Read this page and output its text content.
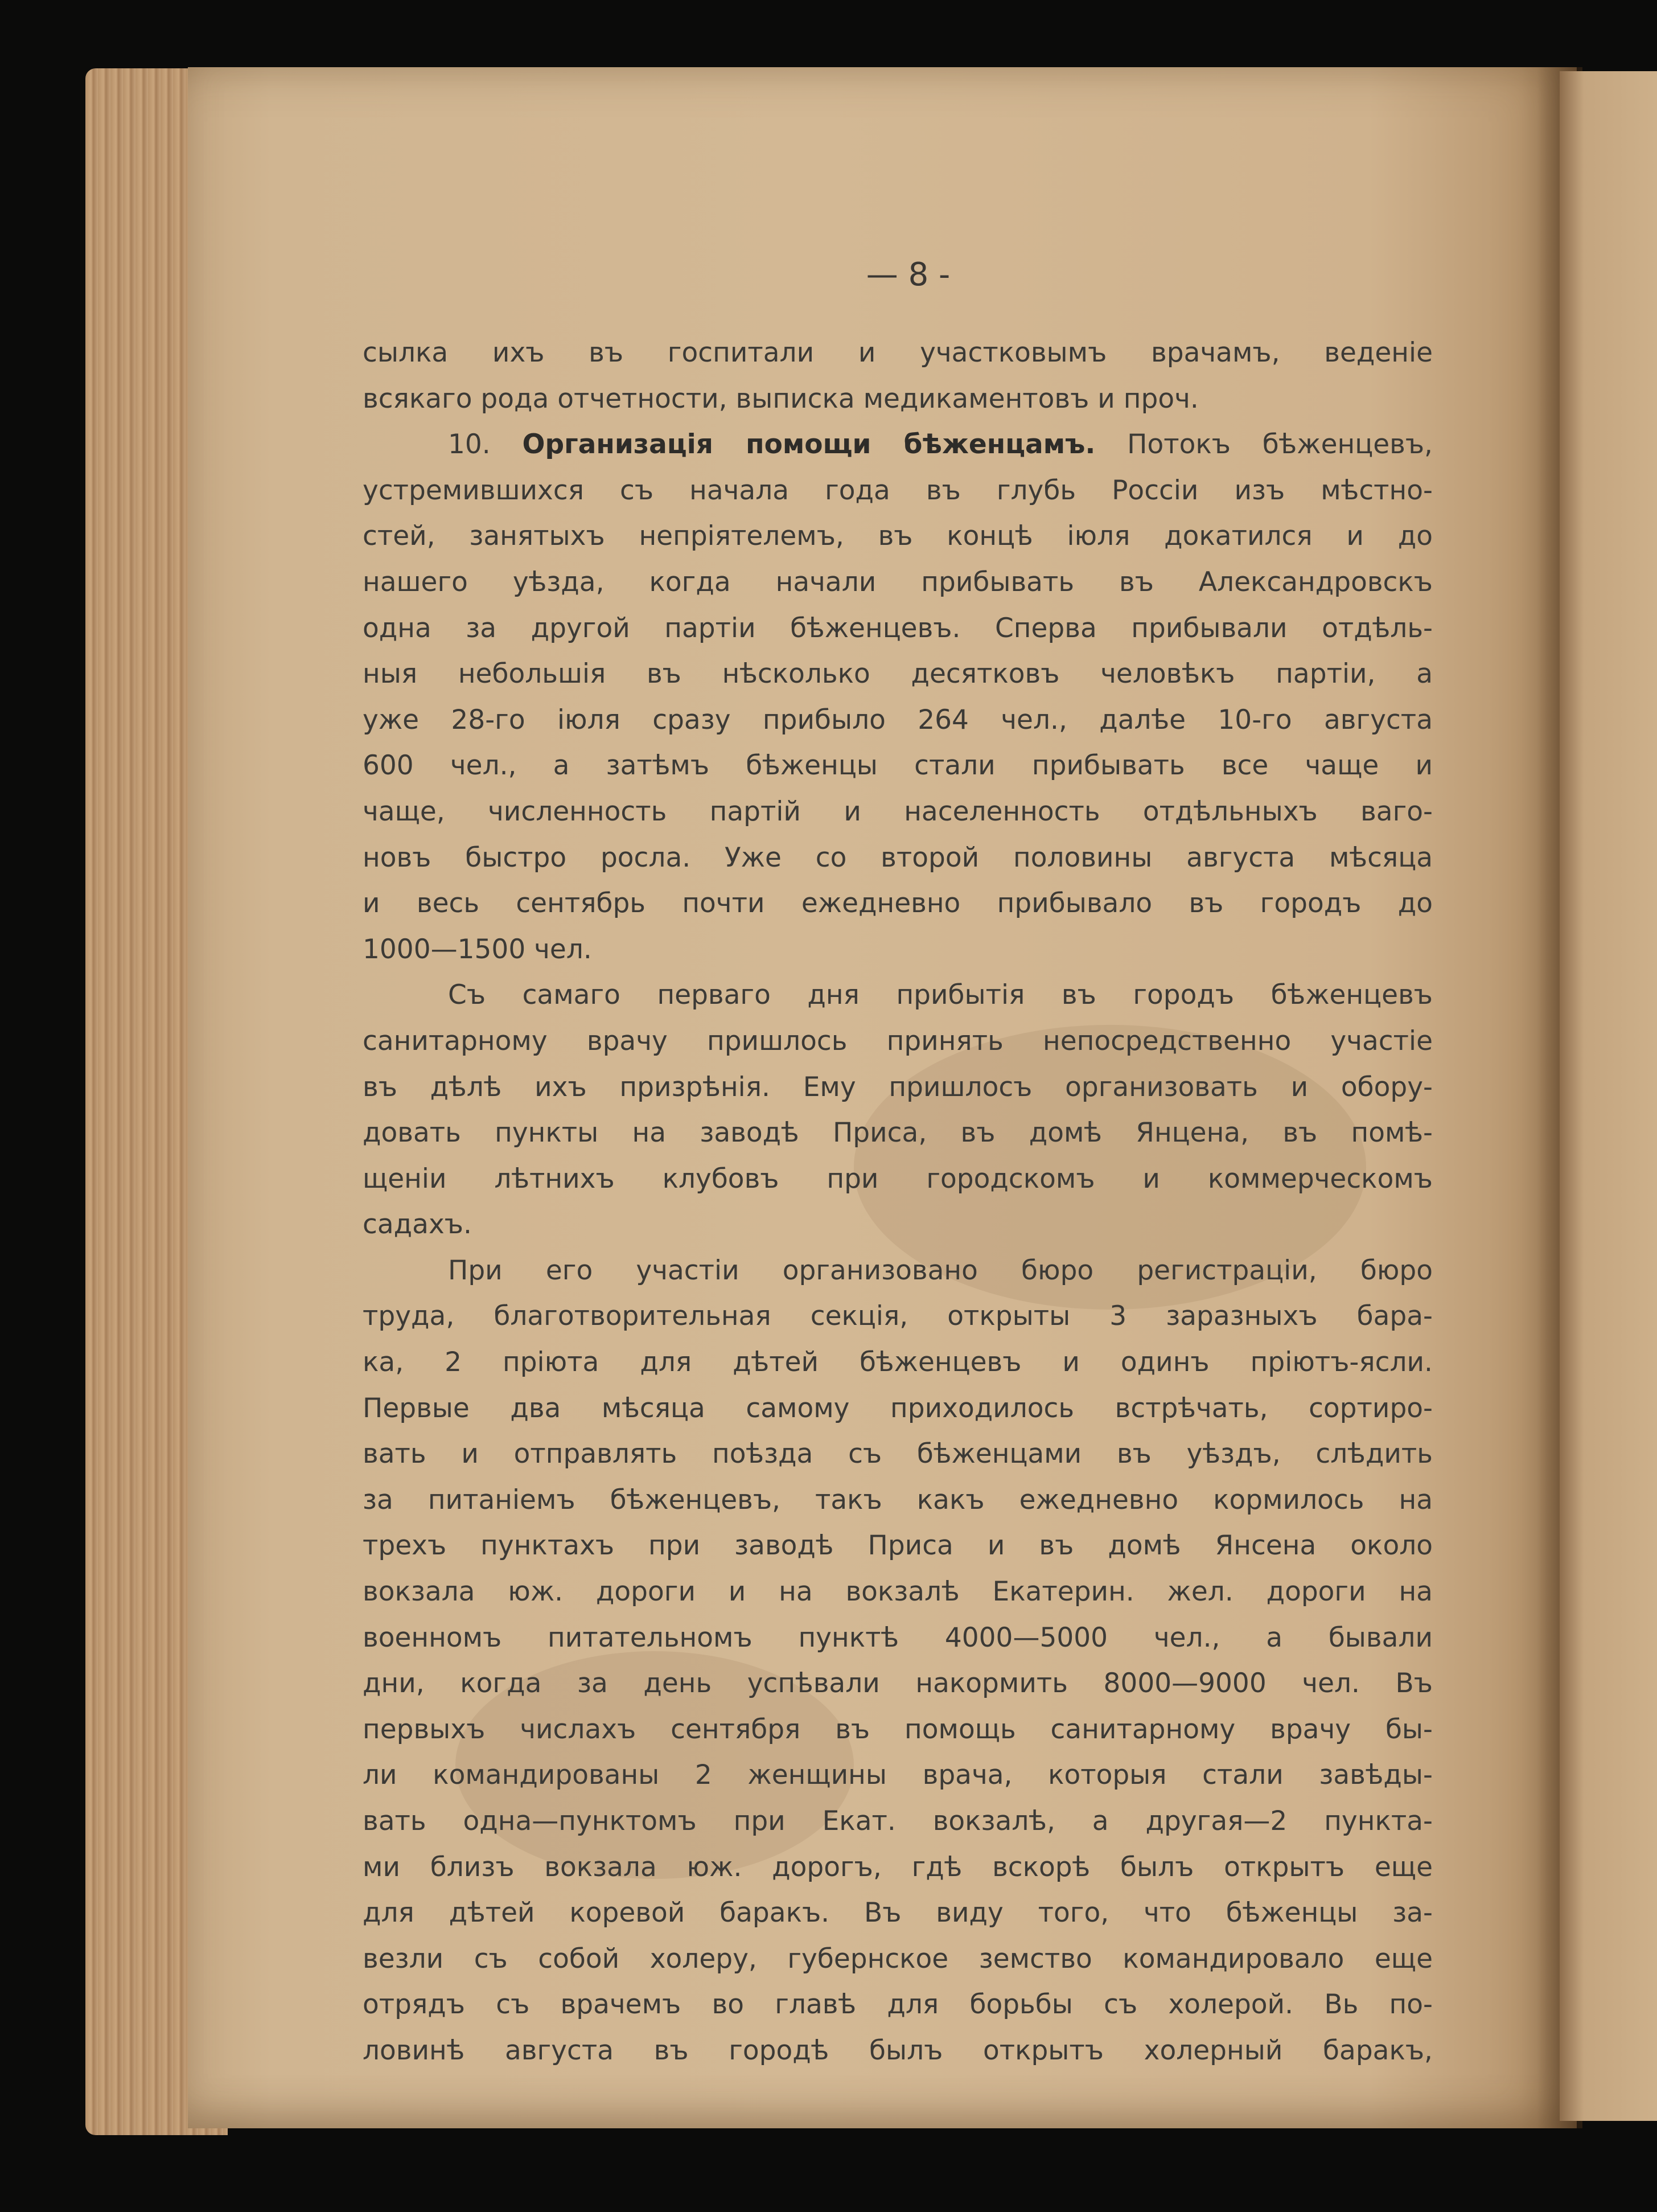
— 8 -
сылка ихъ въ госпитали и участковымъ врачамъ, веденіе
всякаго рода отчетности, выписка медикаментовъ и проч.
10. Организація помощи бѣженцамъ. Потокъ бѣженцевъ,
устремившихся съ начала года въ глубь Россіи изъ мѣстно-
стей, занятыхъ непріятелемъ, въ концѣ іюля докатился и до
нашего уѣзда, когда начали прибывать въ Александровскъ
одна за другой партіи бѣженцевъ. Сперва прибывали отдѣль-
ныя небольшія въ нѣсколько десятковъ человѣкъ партіи, а
уже 28-го іюля сразу прибыло 264 чел., далѣе 10-го августа
600 чел., а затѣмъ бѣженцы стали прибывать все чаще и
чаще, численность партій и населенность отдѣльныхъ ваго-
новъ быстро росла. Уже со второй половины августа мѣсяца
и весь сентябрь почти ежедневно прибывало въ городъ до
1000—1500 чел.
Съ самаго перваго дня прибытія въ городъ бѣженцевъ
санитарному врачу пришлось принять непосредственно участіе
въ дѣлѣ ихъ призрѣнія. Ему пришлосъ организовать и обору-
довать пункты на заводѣ Приса, въ домѣ Янцена, въ помѣ-
щеніи лѣтнихъ клубовъ при городскомъ и коммерческомъ
садахъ.
При его участіи организовано бюро регистраціи, бюро
труда, благотворительная секція, открыты 3 заразныхъ бара-
ка, 2 пріюта для дѣтей бѣженцевъ и одинъ пріютъ-ясли.
Первые два мѣсяца самому приходилось встрѣчать, сортиро-
вать и отправлять поѣзда съ бѣженцами въ уѣздъ, слѣдить
за питаніемъ бѣженцевъ, такъ какъ ежедневно кормилось на
трехъ пунктахъ при заводѣ Приса и въ домѣ Янсена около
вокзала юж. дороги и на вокзалѣ Екатерин. жел. дороги на
военномъ питательномъ пунктѣ 4000—5000 чел., а бывали
дни, когда за день успѣвали накормить 8000—9000 чел. Въ
первыхъ числахъ сентября въ помощь санитарному врачу бы-
ли командированы 2 женщины врача, которыя стали завѣды-
вать одна—пунктомъ при Екат. вокзалѣ, а другая—2 пункта-
ми близъ вокзала юж. дорогъ, гдѣ вскорѣ былъ открытъ еще
для дѣтей коревой баракъ. Въ виду того, что бѣженцы за-
везли съ собой холеру, губернское земство командировало еще
отрядъ съ врачемъ во главѣ для борьбы съ холерой. Вь по-
ловинѣ августа въ городѣ былъ открытъ холерный баракъ,
